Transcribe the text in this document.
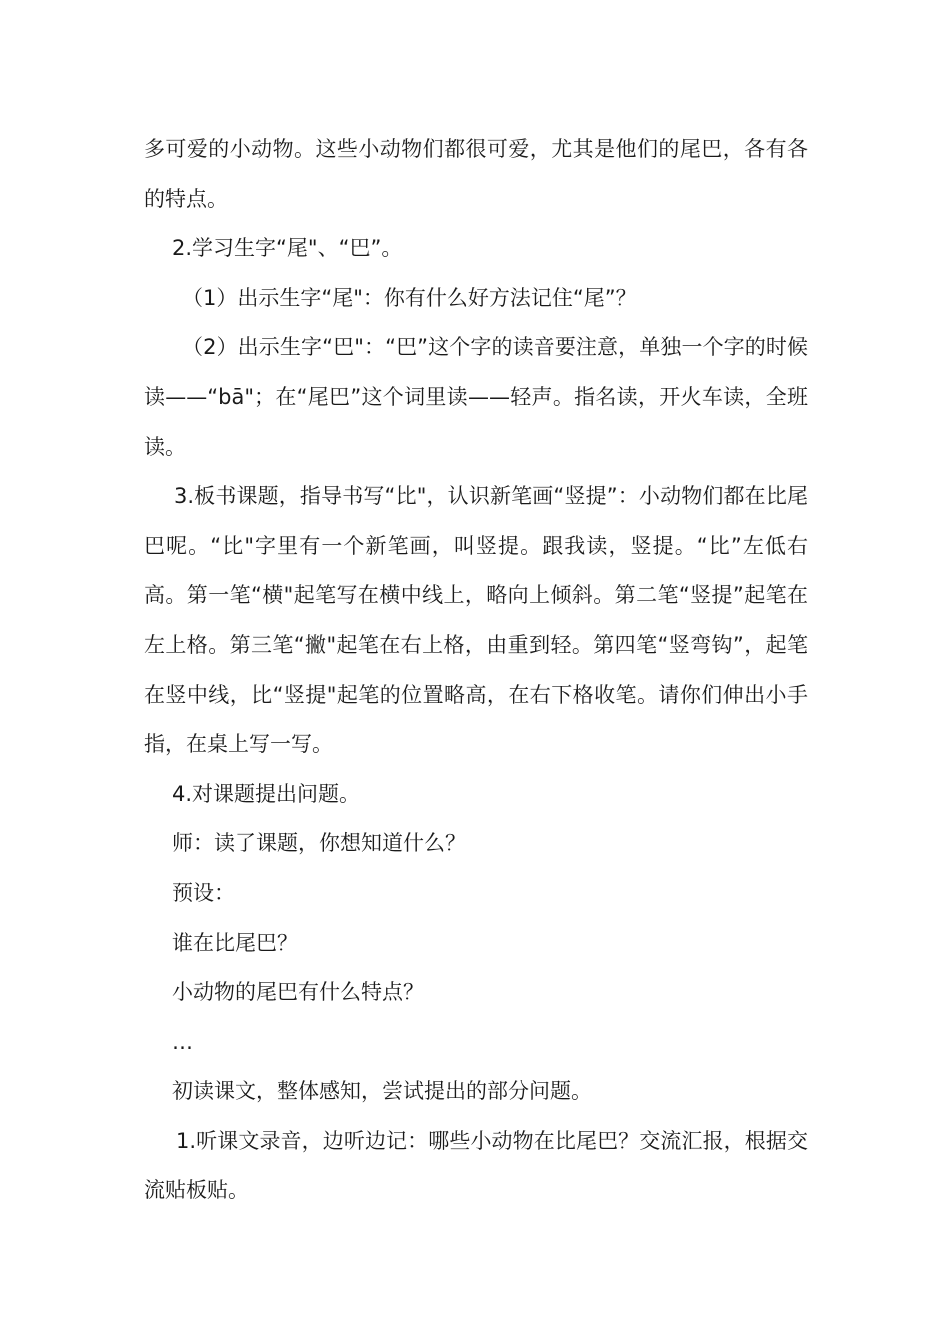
多可爱的小动物。这些小动物们都很可爱，尤其是他们的尾巴，各有各的特点。

2.学习生字“尾"、“巴”。

（1）出示生字“尾"：你有什么好方法记住“尾”？

（2）出示生字“巴"：“巴”这个字的读音要注意，单独一个字的时候读——“bā"；在“尾巴”这个词里读——轻声。指名读，开火车读，全班读。

3.板书课题，指导书写“比"，认识新笔画“竖提”：小动物们都在比尾巴呢。“比"字里有一个新笔画，叫竖提。跟我读，竖提。“比”左低右高。第一笔“横"起笔写在横中线上，略向上倾斜。第二笔“竖提”起笔在左上格。第三笔“撇"起笔在右上格，由重到轻。第四笔“竖弯钩”，起笔在竖中线，比“竖提"起笔的位置略高，在右下格收笔。请你们伸出小手指，在桌上写一写。

4.对课题提出问题。

师：读了课题，你想知道什么？

预设：

谁在比尾巴？

小动物的尾巴有什么特点？

…

初读课文，整体感知，尝试提出的部分问题。

1.听课文录音，边听边记：哪些小动物在比尾巴？交流汇报，根据交流贴板贴。
